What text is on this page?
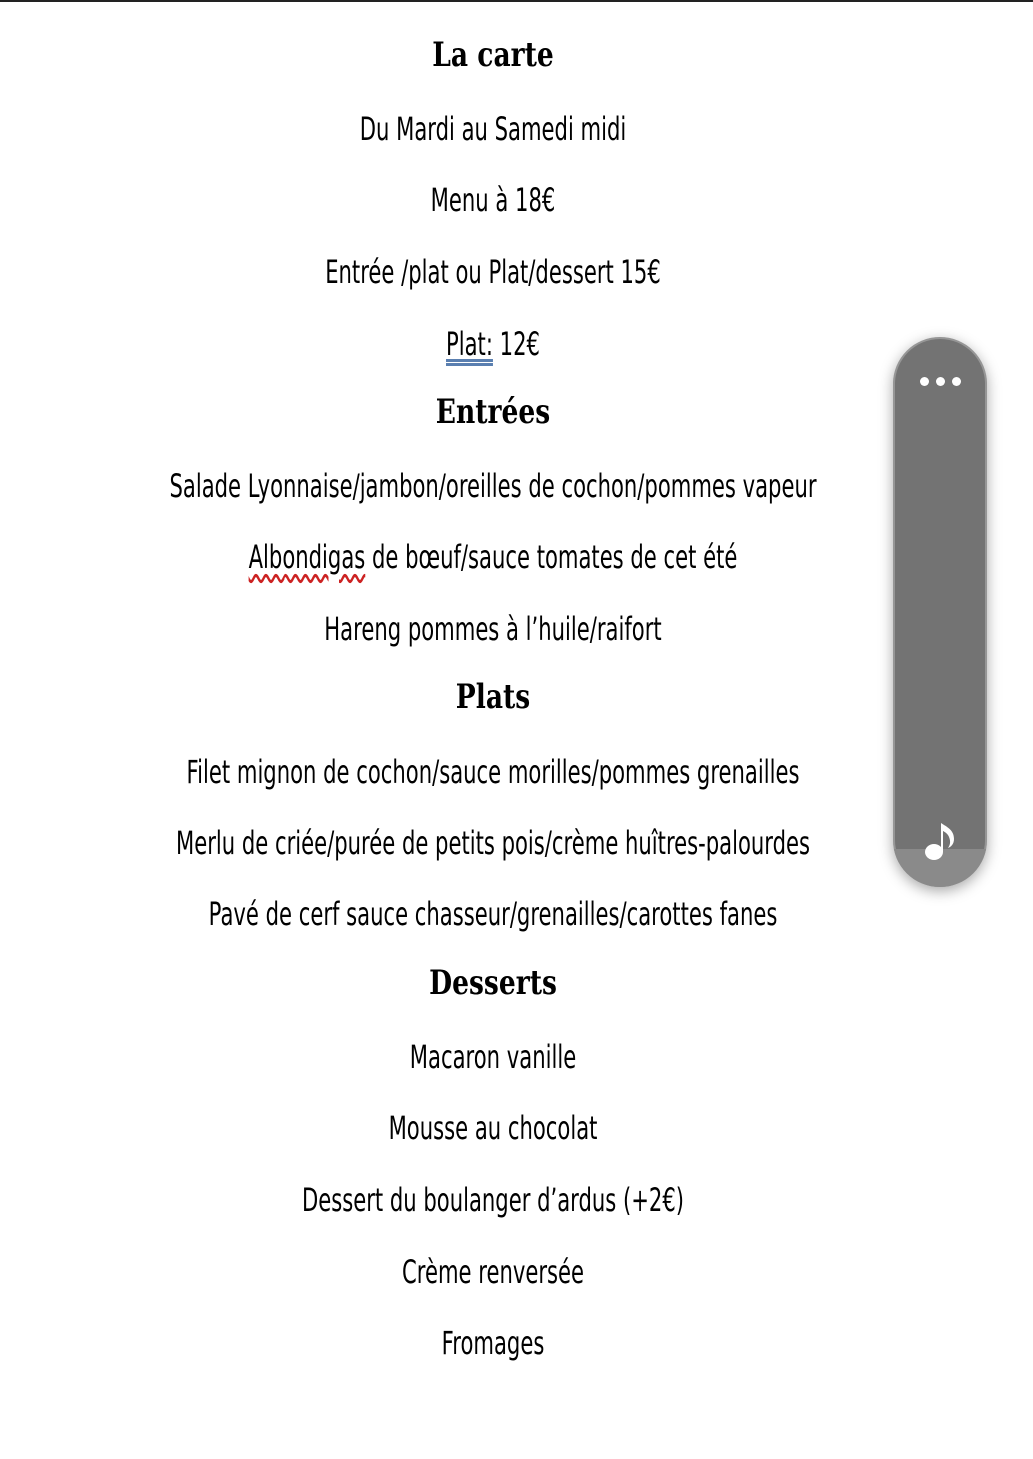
La carte
Du Mardi au Samedi midi
Menu à 18€
Entrée /plat ou Plat/dessert 15€
Plat: 12€
Entrées
Salade Lyonnaise/jambon/oreilles de cochon/pommes vapeur
Albondigas de bœuf/sauce tomates de cet été
Hareng pommes à l’huile/raifort
Plats
Filet mignon de cochon/sauce morilles/pommes grenailles
Merlu de criée/purée de petits pois/crème huîtres-palourdes
Pavé de cerf sauce chasseur/grenailles/carottes fanes
Desserts
Macaron vanille
Mousse au chocolat
Dessert du boulanger d’ardus (+2€)
Crème renversée
Fromages
